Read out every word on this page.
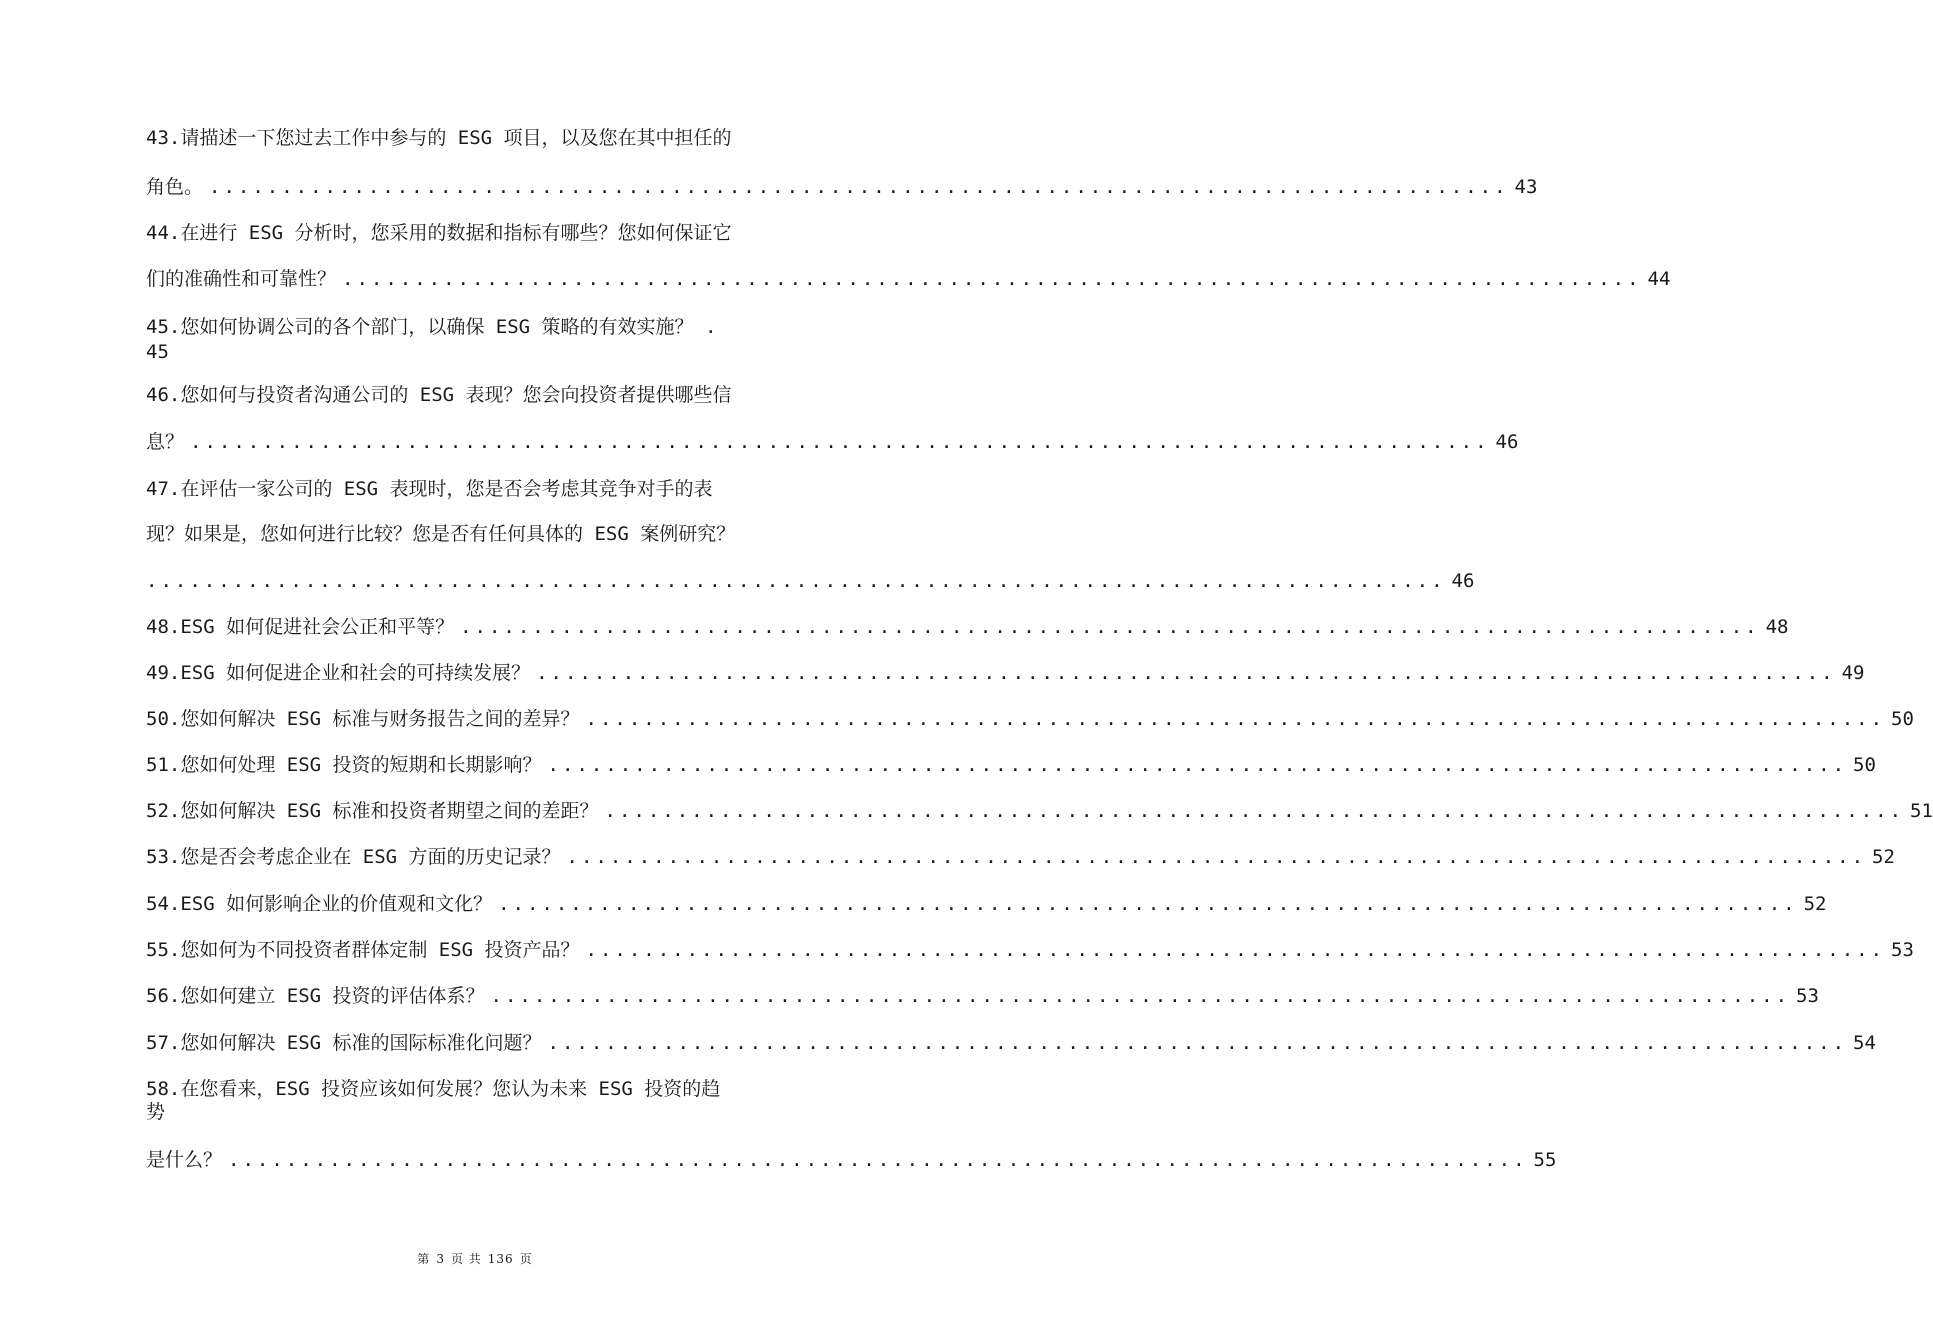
43.请描述一下您过去工作中参与的 ESG 项目，以及您在其中担任的
角色。 .......................................................................................... 43
44.在进行 ESG 分析时，您采用的数据和指标有哪些？您如何保证它
们的准确性和可靠性？ .......................................................................................... 44
45.您如何协调公司的各个部门，以确保 ESG 策略的有效实施？ .
45
46.您如何与投资者沟通公司的 ESG 表现？您会向投资者提供哪些信
息？ .......................................................................................... 46
47.在评估一家公司的 ESG 表现时，您是否会考虑其竞争对手的表
现？如果是，您如何进行比较？您是否有任何具体的 ESG 案例研究？
.......................................................................................... 46
48.ESG 如何促进社会公正和平等？ .......................................................................................... 48
49.ESG 如何促进企业和社会的可持续发展？ .......................................................................................... 49
50.您如何解决 ESG 标准与财务报告之间的差异？ .......................................................................................... 50
51.您如何处理 ESG 投资的短期和长期影响？ .......................................................................................... 50
52.您如何解决 ESG 标准和投资者期望之间的差距？ .......................................................................................... 51
53.您是否会考虑企业在 ESG 方面的历史记录？ .......................................................................................... 52
54.ESG 如何影响企业的价值观和文化？ .......................................................................................... 52
55.您如何为不同投资者群体定制 ESG 投资产品？ .......................................................................................... 53
56.您如何建立 ESG 投资的评估体系？ .......................................................................................... 53
57.您如何解决 ESG 标准的国际标准化问题？ .......................................................................................... 54
58.在您看来，ESG 投资应该如何发展？您认为未来 ESG 投资的趋
势
是什么？ .......................................................................................... 55
第 3 页 共 136 页
